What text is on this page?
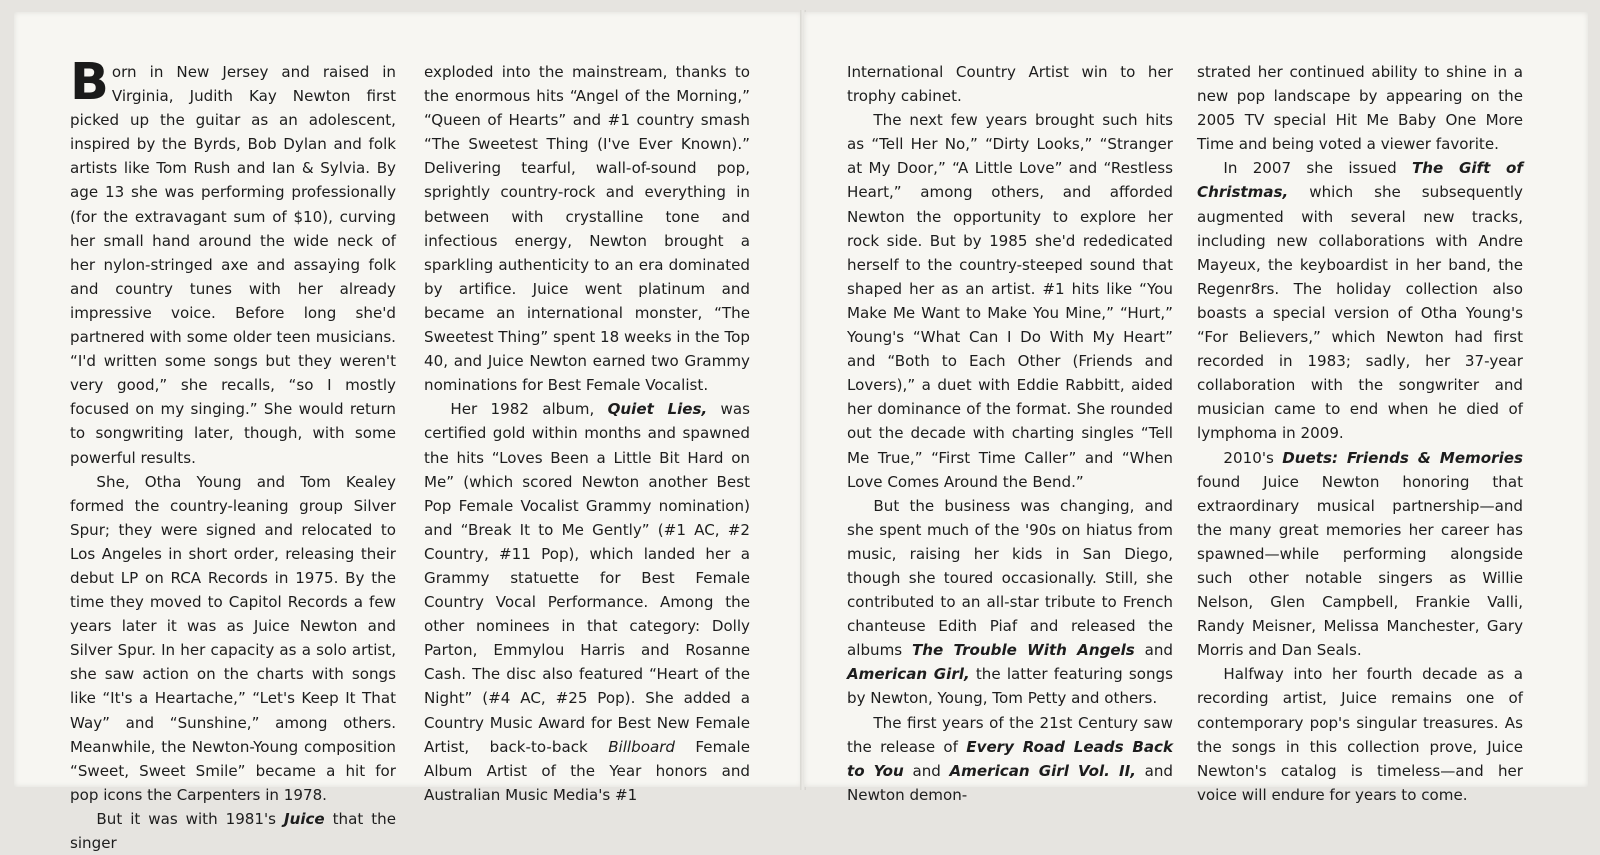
Born in New Jersey and raised in Virginia, Judith Kay Newton first picked up the guitar as an adolescent, inspired by the Byrds, Bob Dylan and folk artists like Tom Rush and Ian & Sylvia. By age 13 she was performing professionally (for the extravagant sum of $10), curving her small hand around the wide neck of her nylon-stringed axe and assaying folk and country tunes with her already impressive voice. Before long she'd partnered with some older teen musicians. “I'd written some songs but they weren't very good,” she recalls, “so I mostly focused on my singing.” She would return to songwriting later, though, with some powerful results.

She, Otha Young and Tom Kealey formed the country-leaning group Silver Spur; they were signed and relocated to Los Angeles in short order, releasing their debut LP on RCA Records in 1975. By the time they moved to Capitol Records a few years later it was as Juice Newton and Silver Spur. In her capacity as a solo artist, she saw action on the charts with songs like “It's a Heartache,” “Let's Keep It That Way” and “Sunshine,” among others. Meanwhile, the Newton-Young composition “Sweet, Sweet Smile” became a hit for pop icons the Carpenters in 1978.

But it was with 1981's Juice that the singer

exploded into the mainstream, thanks to the enormous hits “Angel of the Morning,” “Queen of Hearts” and #1 country smash “The Sweetest Thing (I've Ever Known).” Delivering tearful, wall-of-sound pop, sprightly country-rock and everything in between with crystalline tone and infectious energy, Newton brought a sparkling authenticity to an era dominated by artifice. Juice went platinum and became an international monster, “The Sweetest Thing” spent 18 weeks in the Top 40, and Juice Newton earned two Grammy nominations for Best Female Vocalist.

Her 1982 album, Quiet Lies, was certified gold within months and spawned the hits “Loves Been a Little Bit Hard on Me” (which scored Newton another Best Pop Female Vocalist Grammy nomination) and “Break It to Me Gently” (#1 AC, #2 Country, #11 Pop), which landed her a Grammy statuette for Best Female Country Vocal Performance. Among the other nominees in that category: Dolly Parton, Emmylou Harris and Rosanne Cash. The disc also featured “Heart of the Night” (#4 AC, #25 Pop). She added a Country Music Award for Best New Female Artist, back-to-back Billboard Female Album Artist of the Year honors and Australian Music Media's #1

International Country Artist win to her trophy cabinet.

The next few years brought such hits as “Tell Her No,” “Dirty Looks,” “Stranger at My Door,” “A Little Love” and “Restless Heart,” among others, and afforded Newton the opportunity to explore her rock side. But by 1985 she'd rededicated herself to the country-steeped sound that shaped her as an artist. #1 hits like “You Make Me Want to Make You Mine,” “Hurt,” Young's “What Can I Do With My Heart” and “Both to Each Other (Friends and Lovers),” a duet with Eddie Rabbitt, aided her dominance of the format. She rounded out the decade with charting singles “Tell Me True,” “First Time Caller” and “When Love Comes Around the Bend.”

But the business was changing, and she spent much of the '90s on hiatus from music, raising her kids in San Diego, though she toured occasionally. Still, she contributed to an all-star tribute to French chanteuse Edith Piaf and released the albums The Trouble With Angels and American Girl, the latter featuring songs by Newton, Young, Tom Petty and others.

The first years of the 21st Century saw the release of Every Road Leads Back to You and American Girl Vol. II, and Newton demon-

strated her continued ability to shine in a new pop landscape by appearing on the 2005 TV special Hit Me Baby One More Time and being voted a viewer favorite.

In 2007 she issued The Gift of Christmas, which she subsequently augmented with several new tracks, including new collaborations with Andre Mayeux, the keyboardist in her band, the Regenr8rs. The holiday collection also boasts a special version of Otha Young's “For Believers,” which Newton had first recorded in 1983; sadly, her 37-year collaboration with the songwriter and musician came to end when he died of lymphoma in 2009.

2010's Duets: Friends & Memories found Juice Newton honoring that extraordinary musical partnership—and the many great memories her career has spawned—while performing alongside such other notable singers as Willie Nelson, Glen Campbell, Frankie Valli, Randy Meisner, Melissa Manchester, Gary Morris and Dan Seals.

Halfway into her fourth decade as a recording artist, Juice remains one of contemporary pop's singular treasures. As the songs in this collection prove, Juice Newton's catalog is timeless—and her voice will endure for years to come.
